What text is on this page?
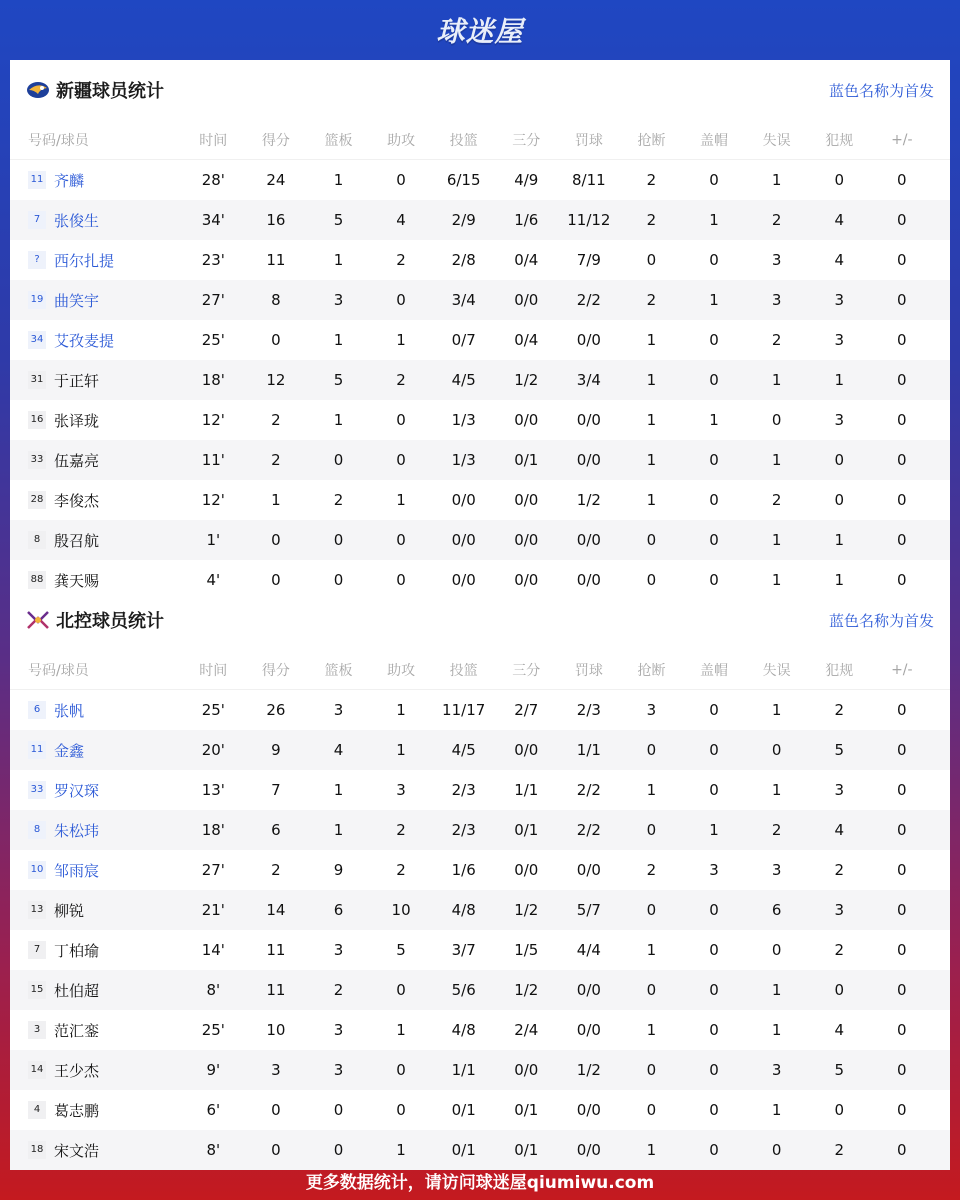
球迷屋
新疆球员统计	蓝色名称为首发
号码/球员	时间	得分	篮板	助攻	投篮	三分	罚球	抢断	盖帽	失误	犯规	+/-
11 齐麟	28'	24	1	0	6/15	4/9	8/11	2	0	1	0	0
7 张俊生	34'	16	5	4	2/9	1/6	11/12	2	1	2	4	0
? 西尔扎提	23'	11	1	2	2/8	0/4	7/9	0	0	3	4	0
19 曲笑宇	27'	8	3	0	3/4	0/0	2/2	2	1	3	3	0
34 艾孜麦提	25'	0	1	1	0/7	0/4	0/0	1	0	2	3	0
31 于正轩	18'	12	5	2	4/5	1/2	3/4	1	0	1	1	0
16 张译珑	12'	2	1	0	1/3	0/0	0/0	1	1	0	3	0
33 伍嘉亮	11'	2	0	0	1/3	0/1	0/0	1	0	1	0	0
28 李俊杰	12'	1	2	1	0/0	0/0	1/2	1	0	2	0	0
8 殷召航	1'	0	0	0	0/0	0/0	0/0	0	0	1	1	0
88 龚天赐	4'	0	0	0	0/0	0/0	0/0	0	0	1	1	0
北控球员统计	蓝色名称为首发
号码/球员	时间	得分	篮板	助攻	投篮	三分	罚球	抢断	盖帽	失误	犯规	+/-
6 张帆	25'	26	3	1	11/17	2/7	2/3	3	0	1	2	0
11 金鑫	20'	9	4	1	4/5	0/0	1/1	0	0	0	5	0
33 罗汉琛	13'	7	1	3	2/3	1/1	2/2	1	0	1	3	0
8 朱松玮	18'	6	1	2	2/3	0/1	2/2	0	1	2	4	0
10 邹雨宸	27'	2	9	2	1/6	0/0	0/0	2	3	3	2	0
13 柳锐	21'	14	6	10	4/8	1/2	5/7	0	0	6	3	0
7 丁柏瑜	14'	11	3	5	3/7	1/5	4/4	1	0	0	2	0
15 杜伯超	8'	11	2	0	5/6	1/2	0/0	0	0	1	0	0
3 范汇銮	25'	10	3	1	4/8	2/4	0/0	1	0	1	4	0
14 王少杰	9'	3	3	0	1/1	0/0	1/2	0	0	3	5	0
4 葛志鹏	6'	0	0	0	0/1	0/1	0/0	0	0	1	0	0
18 宋文浩	8'	0	0	1	0/1	0/1	0/0	1	0	0	2	0
更多数据统计，请访问球迷屋qiumiwu.com
